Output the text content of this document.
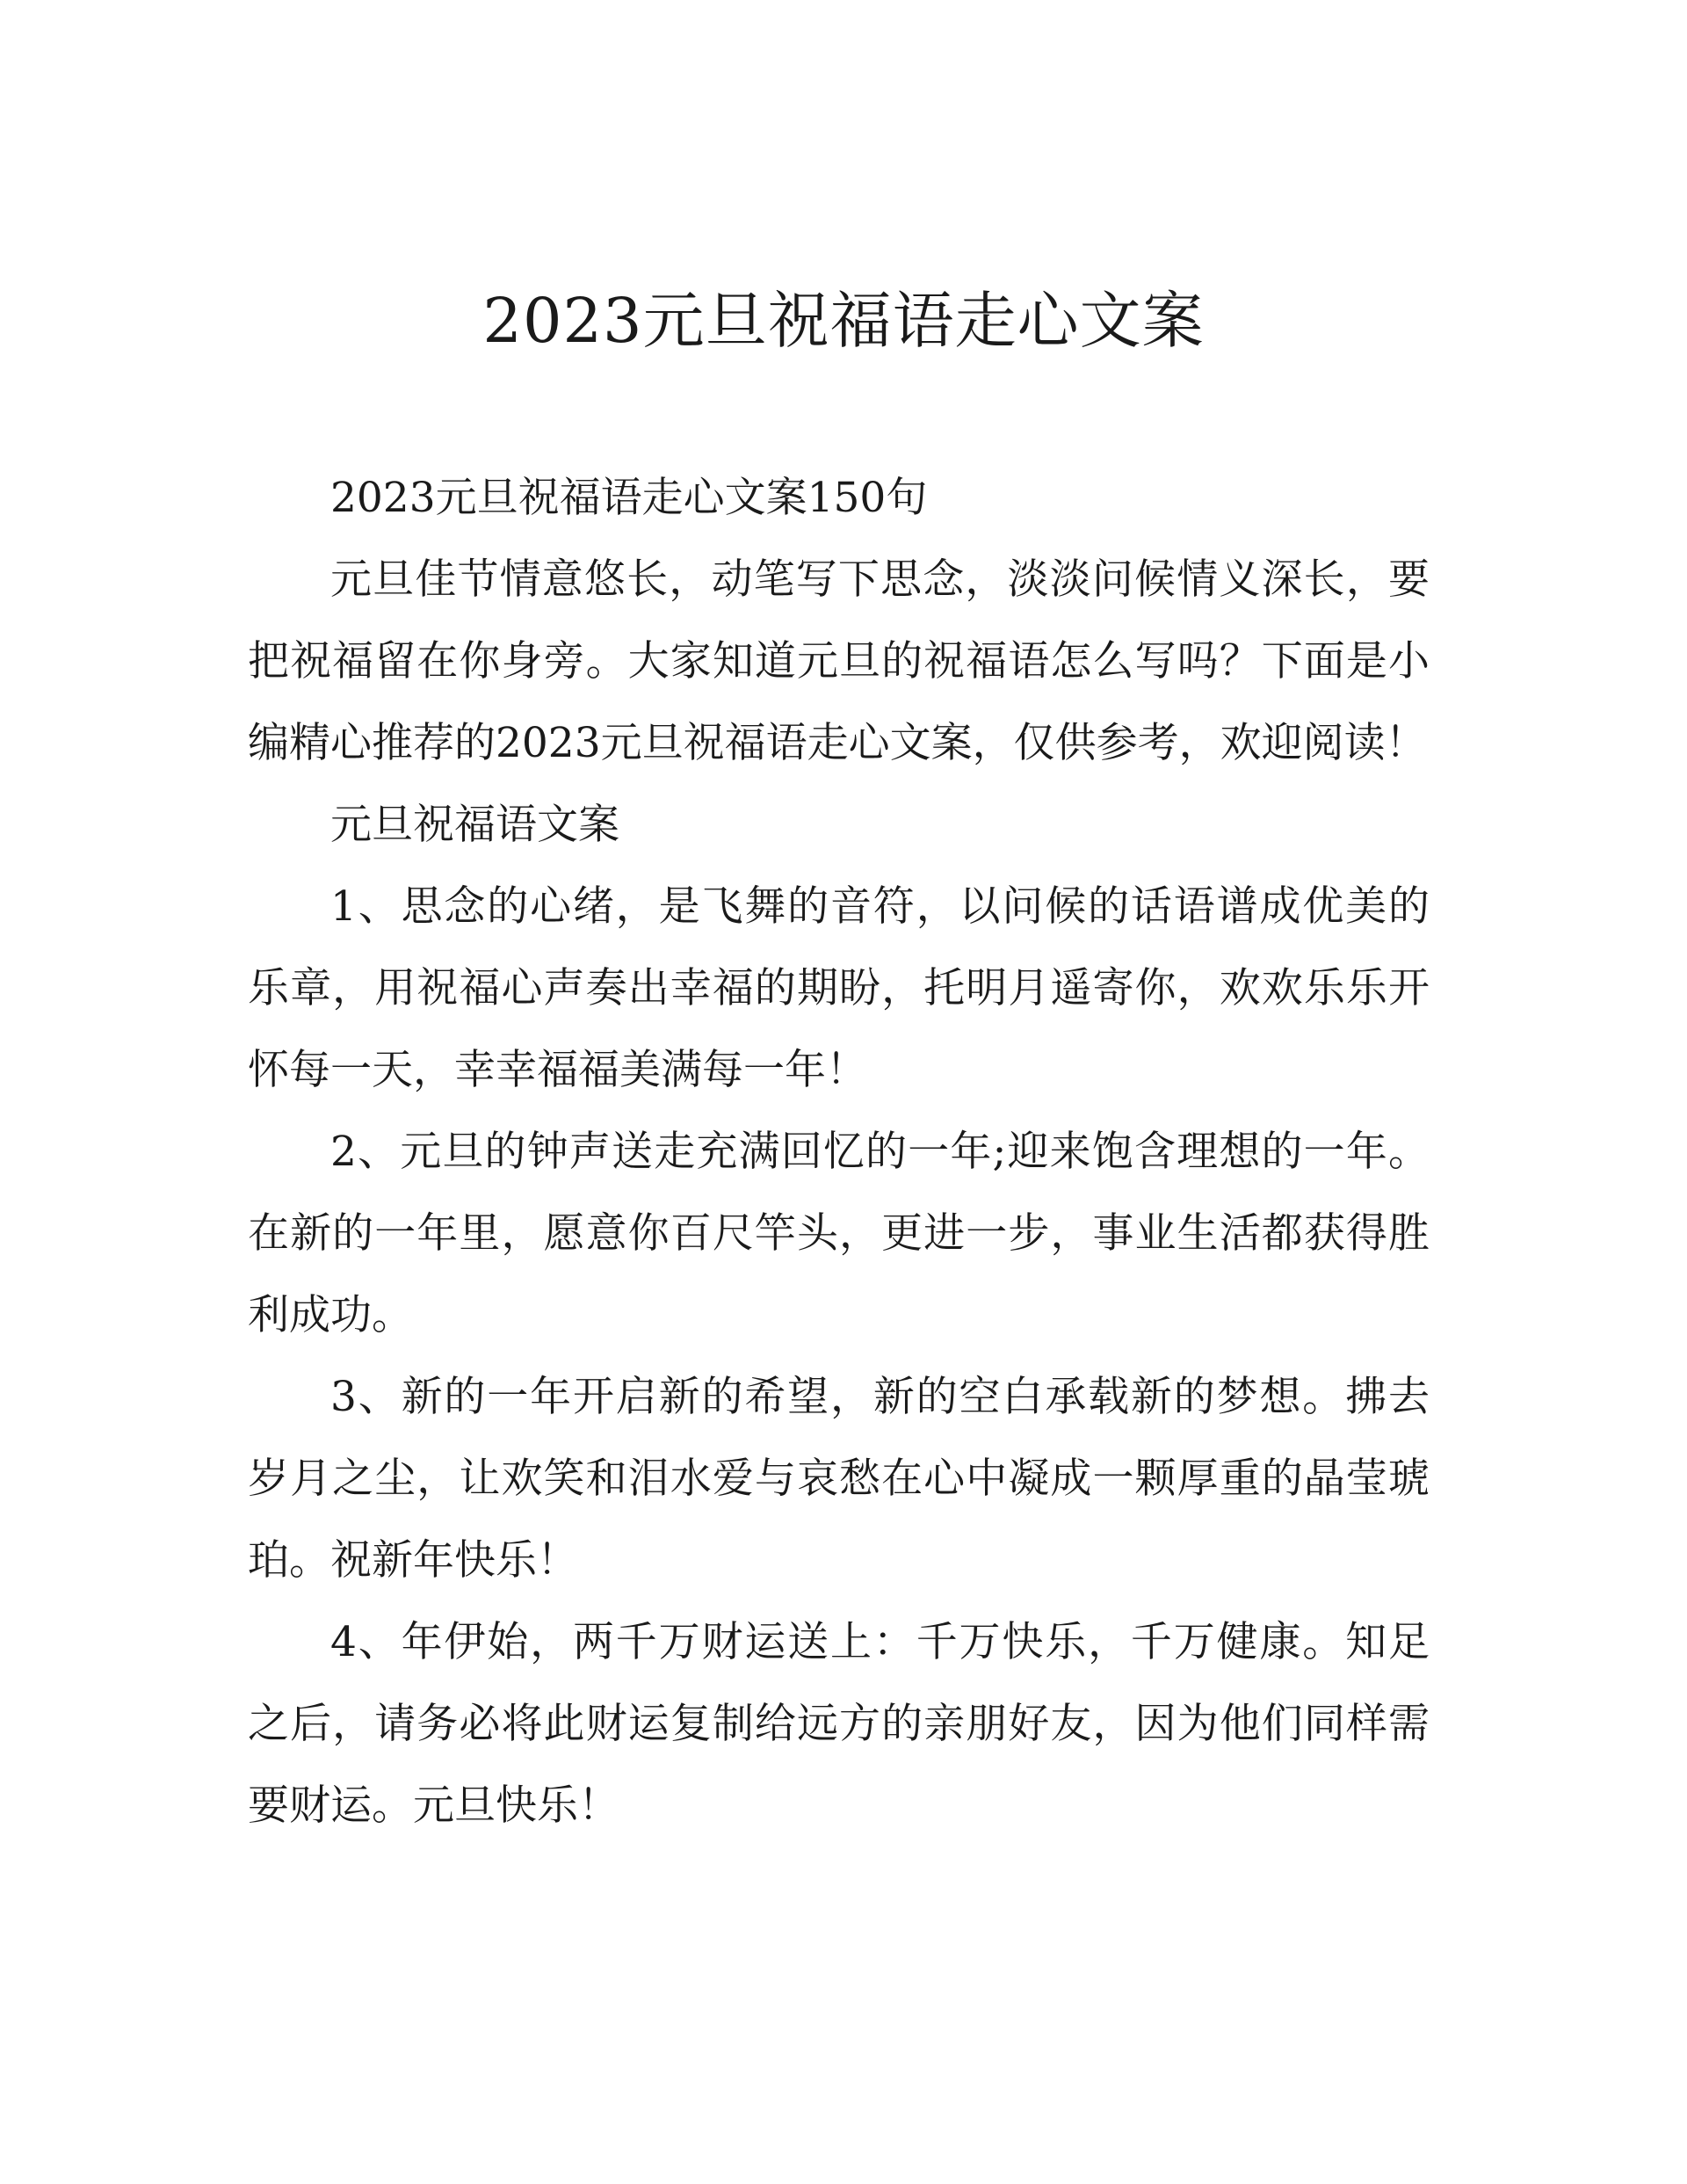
2023元旦祝福语走心文案

2023元旦祝福语走心文案150句

元旦佳节情意悠长，动笔写下思念，淡淡问候情义深长，要把祝福留在你身旁。大家知道元旦的祝福语怎么写吗？下面是小编精心推荐的2023元旦祝福语走心文案，仅供参考，欢迎阅读！

元旦祝福语文案

1、思念的心绪，是飞舞的音符，以问候的话语谱成优美的乐章，用祝福心声奏出幸福的期盼，托明月遥寄你，欢欢乐乐开怀每一天，幸幸福福美满每一年！

2、元旦的钟声送走充满回忆的一年;迎来饱含理想的一年。在新的一年里，愿意你百尺竿头，更进一步，事业生活都获得胜利成功。

3、新的一年开启新的希望，新的空白承载新的梦想。拂去岁月之尘，让欢笑和泪水爱与哀愁在心中凝成一颗厚重的晶莹琥珀。祝新年快乐！

4、年伊始，两千万财运送上：千万快乐，千万健康。知足之后，请务必将此财运复制给远方的亲朋好友，因为他们同样需要财运。元旦快乐！
